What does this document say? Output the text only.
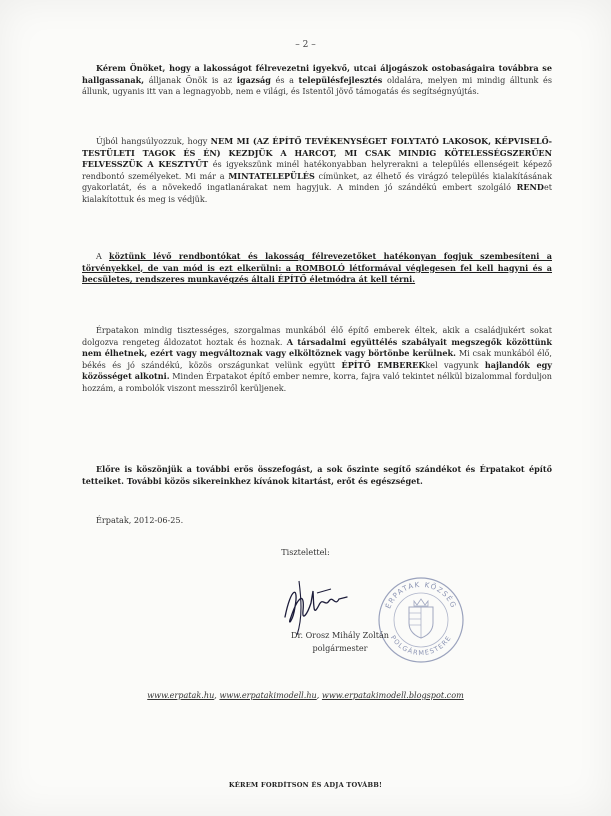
– 2 –
Kérem Önöket, hogy a lakosságot félrevezetni igyekvő, utcai áljogászok ostobaságaira továbbra se hallgassanak, álljanak Önök is az igazság és a településfejlesztés oldalára, melyen mi mindig álltunk és állunk, ugyanis itt van a legnagyobb, nem e világi, és Istentől jövő támogatás és segítségnyújtás.
Újból hangsúlyozzuk, hogy NEM MI (AZ ÉPÍTŐ TEVÉKENYSÉGET FOLYTATÓ LAKOSOK, KÉPVISELŐ-TESTÜLETI TAGOK ÉS ÉN) KEZDJÜK A HARCOT, MI CSAK MINDIG KÖTELESSÉGSZERŰEN FELVESSZÜK A KESZTYŰT és igyekszünk minél hatékonyabban helyrerakni a település ellenségeit képező rendbontó személyeket. Mi már a MINTATELEPÜLÉS címünket, az élhető és virágzó település kialakításának gyakorlatát, és a növekedő ingatlanárakat nem hagyjuk. A minden jó szándékú embert szolgáló RENDet kialakítottuk és meg is védjük.
A köztünk lévő rendbontókat és lakosság félrevezetőket hatékonyan fogjuk szembesíteni a törvényekkel, de van mód is ezt elkerülni: a ROMBOLÓ létformával véglegesen fel kell hagyni és a becsületes, rendszeres munkavégzés általi ÉPÍTŐ életmódra át kell térni.
Érpatakon mindig tisztességes, szorgalmas munkából élő építő emberek éltek, akik a családjukért sokat dolgozva rengeteg áldozatot hoztak és hoznak. A társadalmi együttélés szabályait megszegők közöttünk nem élhetnek, ezért vagy megváltoznak vagy elköltöznek vagy börtönbe kerülnek. Mi csak munkából élő, békés és jó szándékú, közös országunkat velünk együtt ÉPÍTŐ EMBEREKkel vagyunk hajlandók egy közösséget alkotni. Minden Érpatakot építő ember nemre, korra, fajra való tekintet nélkül bizalommal forduljon hozzám, a rombolók viszont messziről kerüljenek.
Előre is köszönjük a további erős összefogást, a sok őszinte segítő szándékot és Érpatakot építő tetteiket. További közös sikereinkhez kívánok kitartást, erőt és egészséget.
Érpatak, 2012-06-25.
Tisztelettel:
ÉRPATAK KÖZSÉG
POLGÁRMESTERE
Dr. Orosz Mihály Zoltán
polgármester
www.erpatak.hu, www.erpatakimodell.hu, www.erpatakimodell.blogspot.com
KÉREM FORDÍTSON ÉS ADJA TOVÁBB!
